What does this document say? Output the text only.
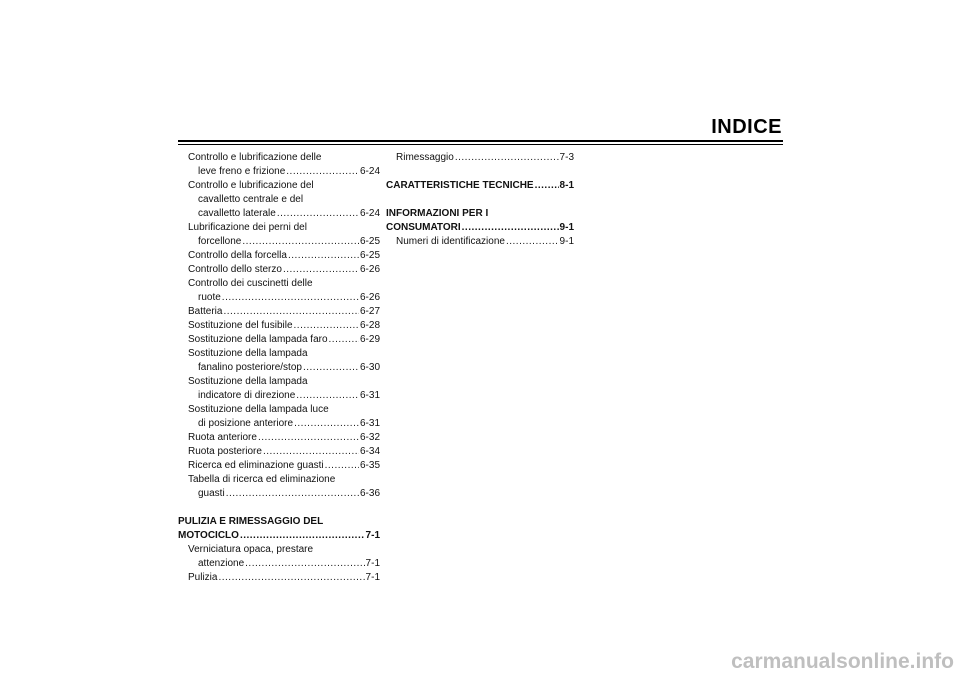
INDICE
Controllo e lubrificazione delle
leve freno e frizione .....	6-24
Controllo e lubrificazione del
cavalletto centrale e del
cavalletto laterale .....	6-24
Lubrificazione dei perni del
forcellone .....	6-25
Controllo della forcella .....	6-25
Controllo dello sterzo .....	6-26
Controllo dei cuscinetti delle
ruote .....	6-26
Batteria .....	6-27
Sostituzione del fusibile .....	6-28
Sostituzione della lampada faro .....	6-29
Sostituzione della lampada
fanalino posteriore/stop .....	6-30
Sostituzione della lampada
indicatore di direzione .....	6-31
Sostituzione della lampada luce
di posizione anteriore .....	6-31
Ruota anteriore .....	6-32
Ruota posteriore .....	6-34
Ricerca ed eliminazione guasti .....	6-35
Tabella di ricerca ed eliminazione
guasti .....	6-36
PULIZIA E RIMESSAGGIO DEL
MOTOCICLO .....	7-1
Verniciatura opaca, prestare
attenzione .....	7-1
Pulizia .....	7-1
Rimessaggio .....	7-3
CARATTERISTICHE TECNICHE .....	8-1
INFORMAZIONI PER I
CONSUMATORI .....	9-1
Numeri di identificazione .....	9-1
carmanualsonline.info
